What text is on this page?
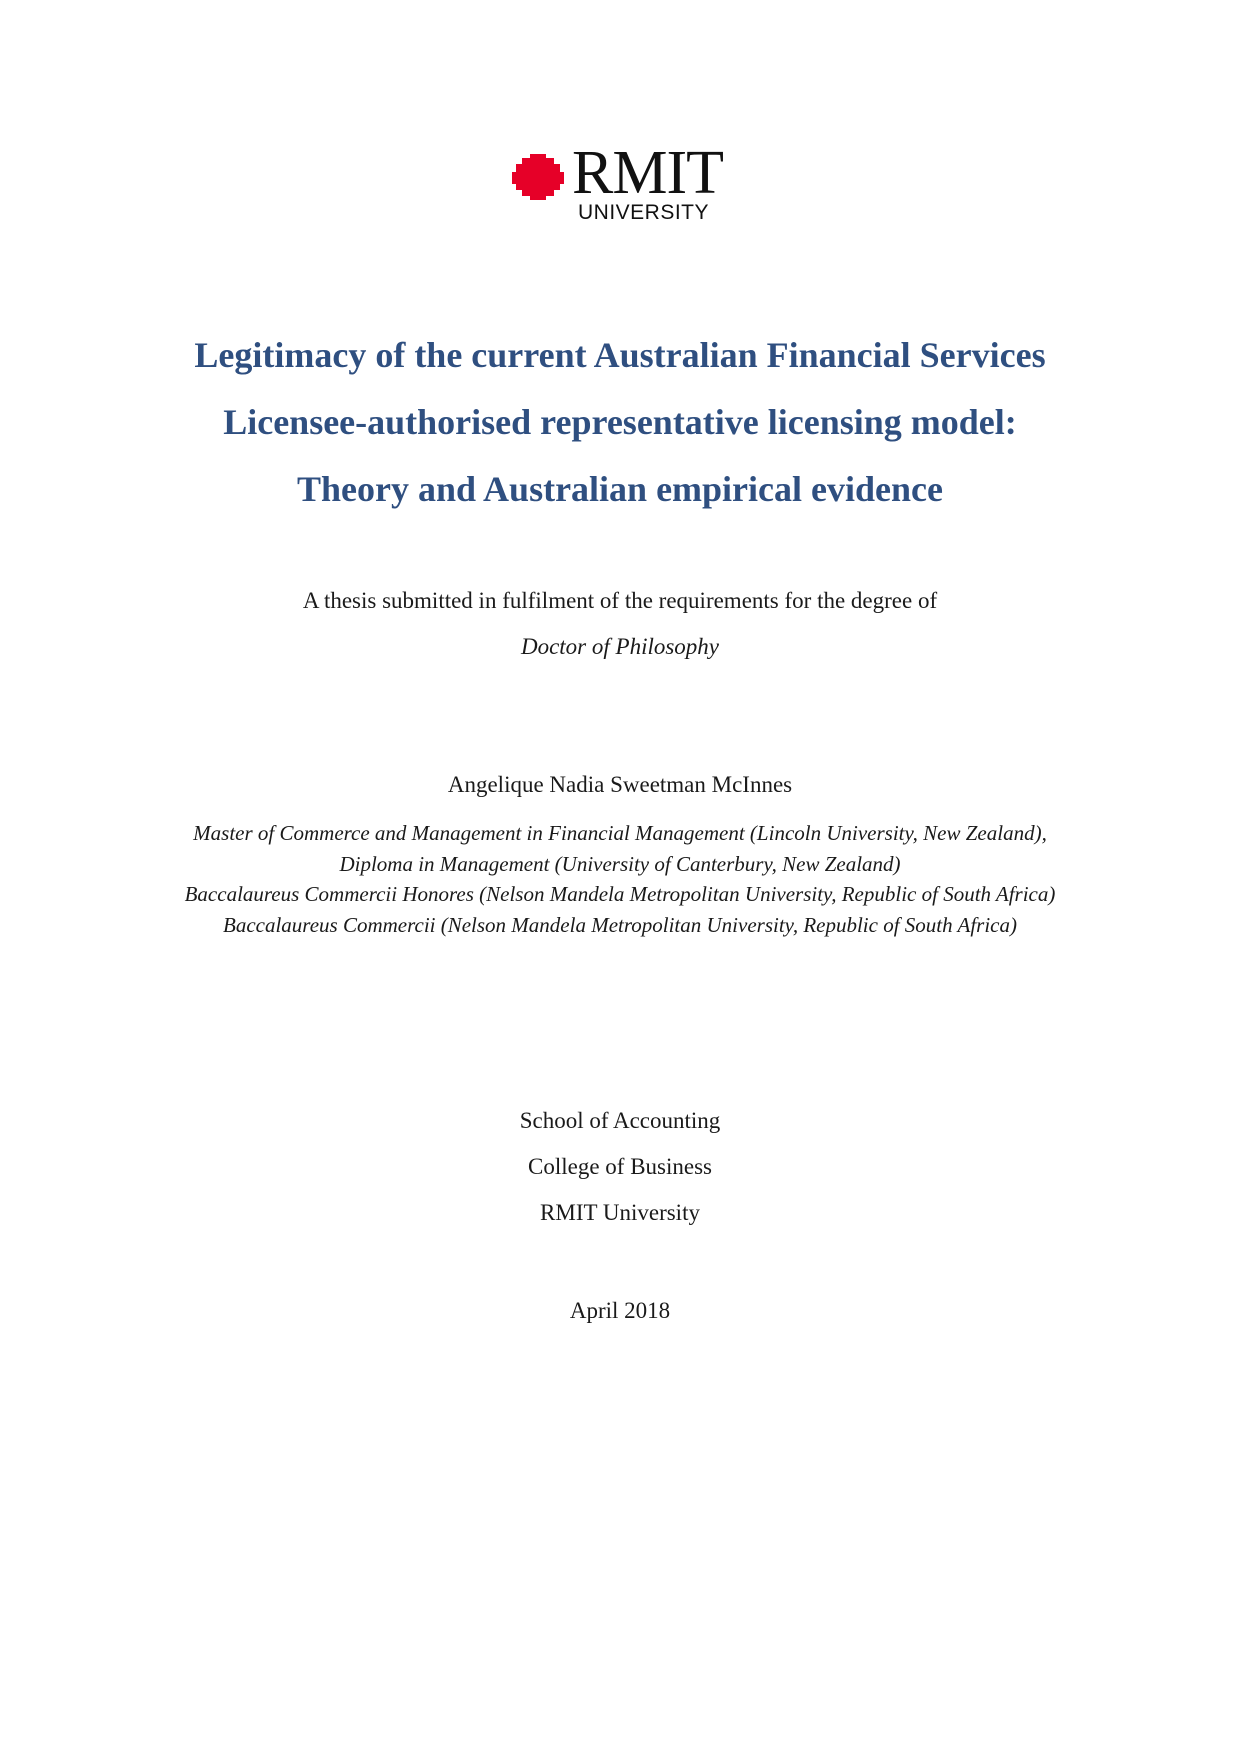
RMIT
UNIVERSITY
Legitimacy of the current Australian Financial Services
Licensee-authorised representative licensing model:
Theory and Australian empirical evidence
A thesis submitted in fulfilment of the requirements for the degree of
Doctor of Philosophy
Angelique Nadia Sweetman McInnes
Master of Commerce and Management in Financial Management (Lincoln University, New Zealand),
Diploma in Management (University of Canterbury, New Zealand)
Baccalaureus Commercii Honores (Nelson Mandela Metropolitan University, Republic of South Africa)
Baccalaureus Commercii (Nelson Mandela Metropolitan University, Republic of South Africa)
School of Accounting
College of Business
RMIT University
April 2018
